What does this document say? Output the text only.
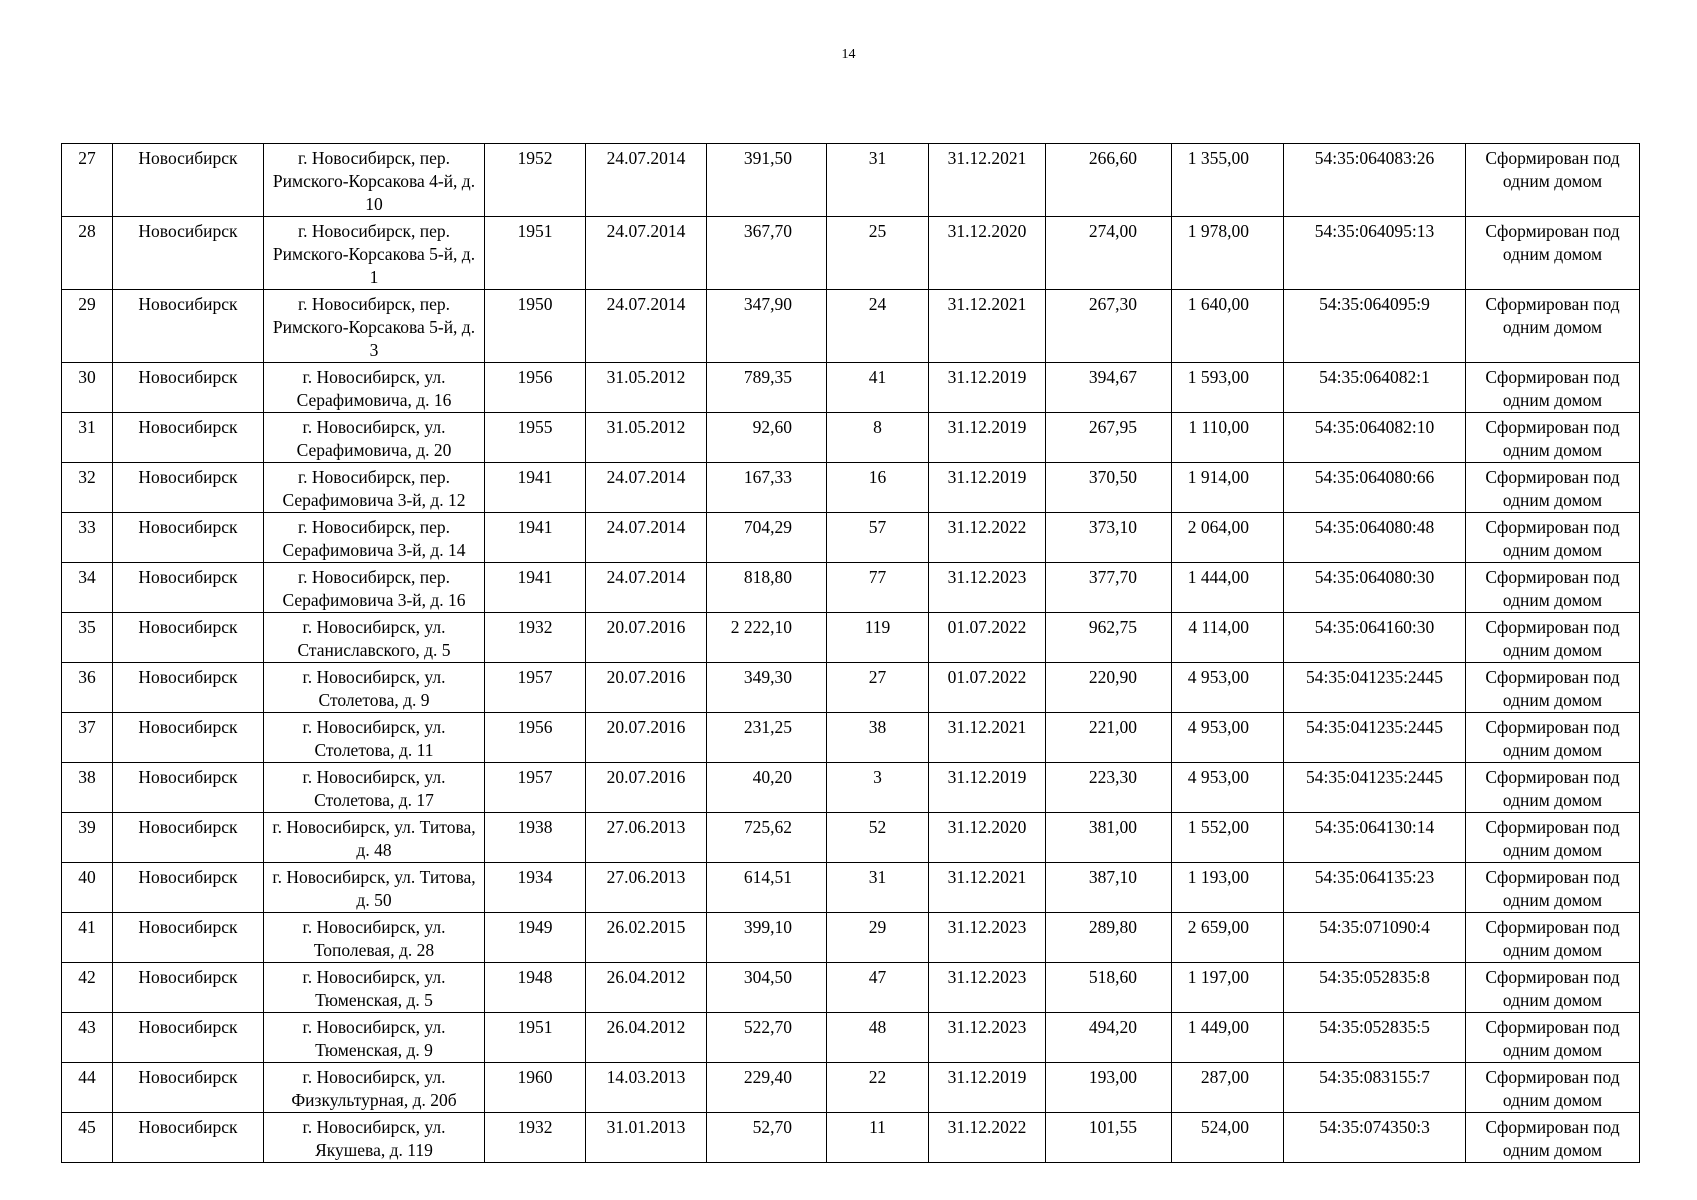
14
27	Новосибирск	г. Новосибирск, пер. Римского-Корсакова 4-й, д. 10	1952	24.07.2014	391,50	31	31.12.2021	266,60	1 355,00	54:35:064083:26	Сформирован под одним домом
28	Новосибирск	г. Новосибирск, пер. Римского-Корсакова 5-й, д. 1	1951	24.07.2014	367,70	25	31.12.2020	274,00	1 978,00	54:35:064095:13	Сформирован под одним домом
29	Новосибирск	г. Новосибирск, пер. Римского-Корсакова 5-й, д. 3	1950	24.07.2014	347,90	24	31.12.2021	267,30	1 640,00	54:35:064095:9	Сформирован под одним домом
30	Новосибирск	г. Новосибирск, ул. Серафимовича, д. 16	1956	31.05.2012	789,35	41	31.12.2019	394,67	1 593,00	54:35:064082:1	Сформирован под одним домом
31	Новосибирск	г. Новосибирск, ул. Серафимовича, д. 20	1955	31.05.2012	92,60	8	31.12.2019	267,95	1 110,00	54:35:064082:10	Сформирован под одним домом
32	Новосибирск	г. Новосибирск, пер. Серафимовича 3-й, д. 12	1941	24.07.2014	167,33	16	31.12.2019	370,50	1 914,00	54:35:064080:66	Сформирован под одним домом
33	Новосибирск	г. Новосибирск, пер. Серафимовича 3-й, д. 14	1941	24.07.2014	704,29	57	31.12.2022	373,10	2 064,00	54:35:064080:48	Сформирован под одним домом
34	Новосибирск	г. Новосибирск, пер. Серафимовича 3-й, д. 16	1941	24.07.2014	818,80	77	31.12.2023	377,70	1 444,00	54:35:064080:30	Сформирован под одним домом
35	Новосибирск	г. Новосибирск, ул. Станиславского, д. 5	1932	20.07.2016	2 222,10	119	01.07.2022	962,75	4 114,00	54:35:064160:30	Сформирован под одним домом
36	Новосибирск	г. Новосибирск, ул. Столетова, д. 9	1957	20.07.2016	349,30	27	01.07.2022	220,90	4 953,00	54:35:041235:2445	Сформирован под одним домом
37	Новосибирск	г. Новосибирск, ул. Столетова, д. 11	1956	20.07.2016	231,25	38	31.12.2021	221,00	4 953,00	54:35:041235:2445	Сформирован под одним домом
38	Новосибирск	г. Новосибирск, ул. Столетова, д. 17	1957	20.07.2016	40,20	3	31.12.2019	223,30	4 953,00	54:35:041235:2445	Сформирован под одним домом
39	Новосибирск	г. Новосибирск, ул. Титова, д. 48	1938	27.06.2013	725,62	52	31.12.2020	381,00	1 552,00	54:35:064130:14	Сформирован под одним домом
40	Новосибирск	г. Новосибирск, ул. Титова, д. 50	1934	27.06.2013	614,51	31	31.12.2021	387,10	1 193,00	54:35:064135:23	Сформирован под одним домом
41	Новосибирск	г. Новосибирск, ул. Тополевая, д. 28	1949	26.02.2015	399,10	29	31.12.2023	289,80	2 659,00	54:35:071090:4	Сформирован под одним домом
42	Новосибирск	г. Новосибирск, ул. Тюменская, д. 5	1948	26.04.2012	304,50	47	31.12.2023	518,60	1 197,00	54:35:052835:8	Сформирован под одним домом
43	Новосибирск	г. Новосибирск, ул. Тюменская, д. 9	1951	26.04.2012	522,70	48	31.12.2023	494,20	1 449,00	54:35:052835:5	Сформирован под одним домом
44	Новосибирск	г. Новосибирск, ул. Физкультурная, д. 20б	1960	14.03.2013	229,40	22	31.12.2019	193,00	287,00	54:35:083155:7	Сформирован под одним домом
45	Новосибирск	г. Новосибирск, ул. Якушева, д. 119	1932	31.01.2013	52,70	11	31.12.2022	101,55	524,00	54:35:074350:3	Сформирован под одним домом
